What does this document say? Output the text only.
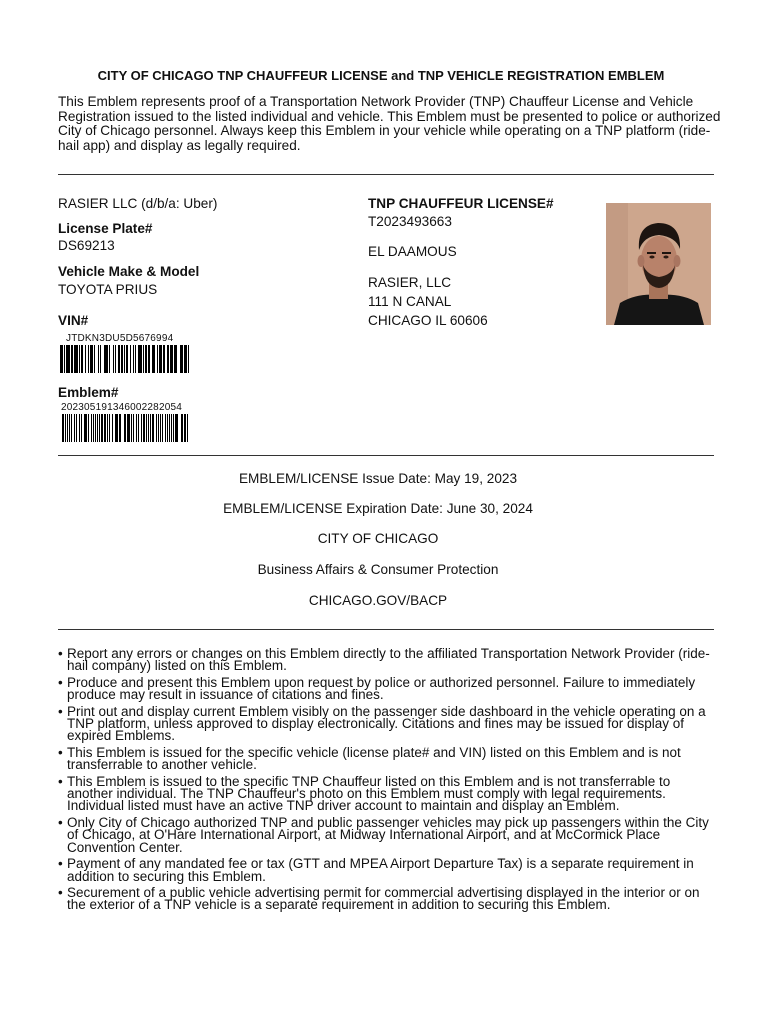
CITY OF CHICAGO TNP CHAUFFEUR LICENSE and TNP VEHICLE REGISTRATION EMBLEM
This Emblem represents proof of a Transportation Network Provider (TNP) Chauffeur License and Vehicle Registration issued to the listed individual and vehicle. This Emblem must be presented to police or authorized City of Chicago personnel. Always keep this Emblem in your vehicle while operating on a TNP platform (ride-hail app) and display as legally required.
RASIER LLC (d/b/a: Uber)
License Plate#
DS69213
Vehicle Make & Model
TOYOTA PRIUS
VIN#
JTDKN3DU5D5676994
Emblem#
20230519134600228205​4
TNP CHAUFFEUR LICENSE#
T2023493663
EL DAAMOUS
RASIER, LLC
111 N CANAL
CHICAGO IL 60606
EMBLEM/LICENSE Issue Date: May 19, 2023
EMBLEM/LICENSE Expiration Date: June 30, 2024
CITY OF CHICAGO
Business Affairs & Consumer Protection
CHICAGO.GOV/BACP
• Report any errors or changes on this Emblem directly to the affiliated Transportation Network Provider (ride-hail company) listed on this Emblem.
• Produce and present this Emblem upon request by police or authorized personnel. Failure to immediately produce may result in issuance of citations and fines.
• Print out and display current Emblem visibly on the passenger side dashboard in the vehicle operating on a TNP platform, unless approved to display electronically. Citations and fines may be issued for display of expired Emblems.
• This Emblem is issued for the specific vehicle (license plate# and VIN) listed on this Emblem and is not transferrable to another vehicle.
• This Emblem is issued to the specific TNP Chauffeur listed on this Emblem and is not transferrable to another individual. The TNP Chauffeur's photo on this Emblem must comply with legal requirements. Individual listed must have an active TNP driver account to maintain and display an Emblem.
• Only City of Chicago authorized TNP and public passenger vehicles may pick up passengers within the City of Chicago, at O'Hare International Airport, at Midway International Airport, and at McCormick Place Convention Center.
• Payment of any mandated fee or tax (GTT and MPEA Airport Departure Tax) is a separate requirement in addition to securing this Emblem.
• Securement of a public vehicle advertising permit for commercial advertising displayed in the interior or on the exterior of a TNP vehicle is a separate requirement in addition to securing this Emblem.
